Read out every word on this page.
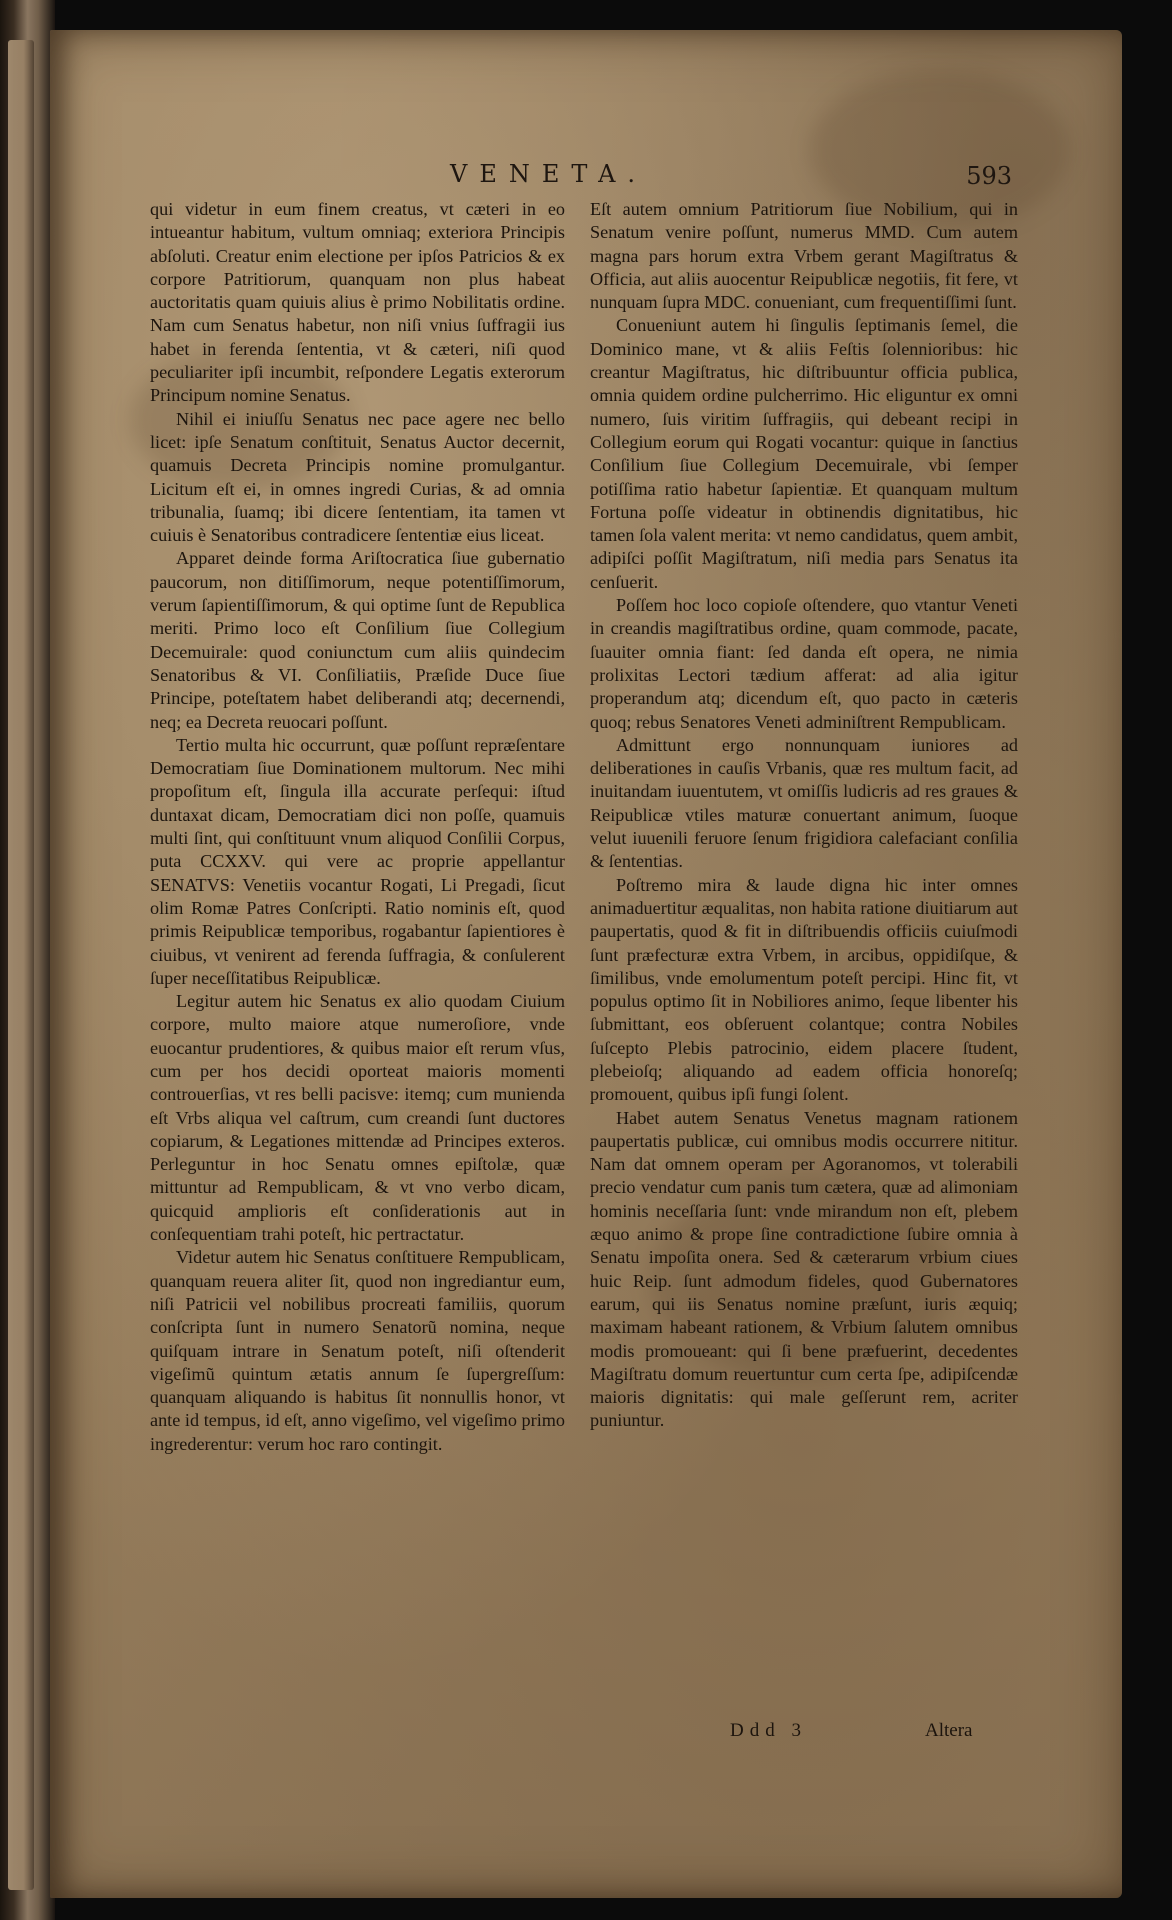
VENETA.	593

qui videtur in eum finem creatus, vt cæteri in eo intueantur habitum, vultum omniaq; exteriora Principis abſoluti. Creatur enim electione per ipſos Patricios & ex corpore Patritiorum, quanquam non plus habeat auctoritatis quam quiuis alius è primo Nobilitatis ordine. Nam cum Senatus habetur, non niſi vnius ſuffragii ius habet in ferenda ſententia, vt & cæteri, niſi quod peculiariter ipſi incumbit, reſpondere Legatis exterorum Principum nomine Senatus.

Nihil ei iniuſſu Senatus nec pace agere nec bello licet: ipſe Senatum conſtituit, Senatus Auctor decernit, quamuis Decreta Principis nomine promulgantur. Licitum eſt ei, in omnes ingredi Curias, & ad omnia tribunalia, ſuamq; ibi dicere ſententiam, ita tamen vt cuiuis è Senatoribus contradicere ſententiæ eius liceat.

Apparet deinde forma Ariſtocratica ſiue gubernatio paucorum, non ditiſſimorum, neque potentiſſimorum, verum ſapientiſſimorum, & qui optime ſunt de Republica meriti. Primo loco eſt Conſilium ſiue Collegium Decemuirale: quod coniunctum cum aliis quindecim Senatoribus & VI. Conſiliatiis, Præſide Duce ſiue Principe, poteſtatem habet deliberandi atq; decernendi, neq; ea Decreta reuocari poſſunt.

Tertio multa hic occurrunt, quæ poſſunt repræſentare Democratiam ſiue Dominationem multorum. Nec mihi propoſitum eſt, ſingula illa accurate perſequi: iſtud duntaxat dicam, Democratiam dici non poſſe, quamuis multi ſint, qui conſtituunt vnum aliquod Conſilii Corpus, puta CCXXV. qui vere ac proprie appellantur SENATVS: Venetiis vocantur Rogati, Li Pregadi, ſicut olim Romæ Patres Conſcripti. Ratio nominis eſt, quod primis Reipublicæ temporibus, rogabantur ſapientiores è ciuibus, vt venirent ad ferenda ſuffragia, & conſulerent ſuper neceſſitatibus Reipublicæ.

Legitur autem hic Senatus ex alio quodam Ciuium corpore, multo maiore atque numeroſiore, vnde euocantur prudentiores, & quibus maior eſt rerum vſus, cum per hos decidi oporteat maioris momenti controuerſias, vt res belli pacisve: itemq; cum munienda eſt Vrbs aliqua vel caſtrum, cum creandi ſunt ductores copiarum, & Legationes mittendæ ad Principes exteros. Perleguntur in hoc Senatu omnes epiſtolæ, quæ mittuntur ad Rempublicam, & vt vno verbo dicam, quicquid amplioris eſt conſiderationis aut in conſequentiam trahi poteſt, hic pertractatur.

Videtur autem hic Senatus conſtituere Rempublicam, quanquam reuera aliter ſit, quod non ingrediantur eum, niſi Patricii vel nobilibus procreati familiis, quorum conſcripta ſunt in numero Senatorũ nomina, neque quiſquam intrare in Senatum poteſt, niſi oſtenderit vigeſimũ quintum ætatis annum ſe ſupergreſſum: quanquam aliquando is habitus ſit nonnullis honor, vt ante id tempus, id eſt, anno vigeſimo, vel vigeſimo primo ingrederentur: verum hoc raro contingit.

Eſt autem omnium Patritiorum ſiue Nobilium, qui in Senatum venire poſſunt, numerus MMD. Cum autem magna pars horum extra Vrbem gerant Magiſtratus & Officia, aut aliis auocentur Reipublicæ negotiis, fit fere, vt nunquam ſupra MDC. conueniant, cum frequentiſſimi ſunt.

Conueniunt autem hi ſingulis ſeptimanis ſemel, die Dominico mane, vt & aliis Feſtis ſolennioribus: hic creantur Magiſtratus, hic diſtribuuntur officia publica, omnia quidem ordine pulcherrimo. Hic eliguntur ex omni numero, ſuis viritim ſuffragiis, qui debeant recipi in Collegium eorum qui Rogati vocantur: quique in ſanctius Conſilium ſiue Collegium Decemuirale, vbi ſemper potiſſima ratio habetur ſapientiæ. Et quanquam multum Fortuna poſſe videatur in obtinendis dignitatibus, hic tamen ſola valent merita: vt nemo candidatus, quem ambit, adipiſci poſſit Magiſtratum, niſi media pars Senatus ita cenſuerit.

Poſſem hoc loco copioſe oſtendere, quo vtantur Veneti in creandis magiſtratibus ordine, quam commode, pacate, ſuauiter omnia fiant: ſed danda eſt opera, ne nimia prolixitas Lectori tædium afferat: ad alia igitur properandum atq; dicendum eſt, quo pacto in cæteris quoq; rebus Senatores Veneti adminiſtrent Rempublicam.

Admittunt ergo nonnunquam iuniores ad deliberationes in cauſis Vrbanis, quæ res multum facit, ad inuitandam iuuentutem, vt omiſſis ludicris ad res graues & Reipublicæ vtiles maturæ conuertant animum, ſuoque velut iuuenili feruore ſenum frigidiora calefaciant conſilia & ſententias.

Poſtremo mira & laude digna hic inter omnes animaduertitur æqualitas, non habita ratione diuitiarum aut paupertatis, quod & fit in diſtribuendis officiis cuiuſmodi ſunt præfecturæ extra Vrbem, in arcibus, oppidiſque, & ſimilibus, vnde emolumentum poteſt percipi. Hinc fit, vt populus optimo ſit in Nobiliores animo, ſeque libenter his ſubmittant, eos obſeruent colantque; contra Nobiles ſuſcepto Plebis patrocinio, eidem placere ſtudent, plebeioſq; aliquando ad eadem officia honoreſq; promouent, quibus ipſi fungi ſolent.

Habet autem Senatus Venetus magnam rationem paupertatis publicæ, cui omnibus modis occurrere nititur. Nam dat omnem operam per Agoranomos, vt tolerabili precio vendatur cum panis tum cætera, quæ ad alimoniam hominis neceſſaria ſunt: vnde mirandum non eſt, plebem æquo animo & prope ſine contradictione ſubire omnia à Senatu impoſita onera. Sed & cæterarum vrbium ciues huic Reip. ſunt admodum fideles, quod Gubernatores earum, qui iis Senatus nomine præſunt, iuris æquiq; maximam habeant rationem, & Vrbium ſalutem omnibus modis promoueant: qui ſi bene præfuerint, decedentes Magiſtratu domum reuertuntur cum certa ſpe, adipiſcendæ maioris dignitatis: qui male geſſerunt rem, acriter puniuntur.

Ddd 3	Altera
